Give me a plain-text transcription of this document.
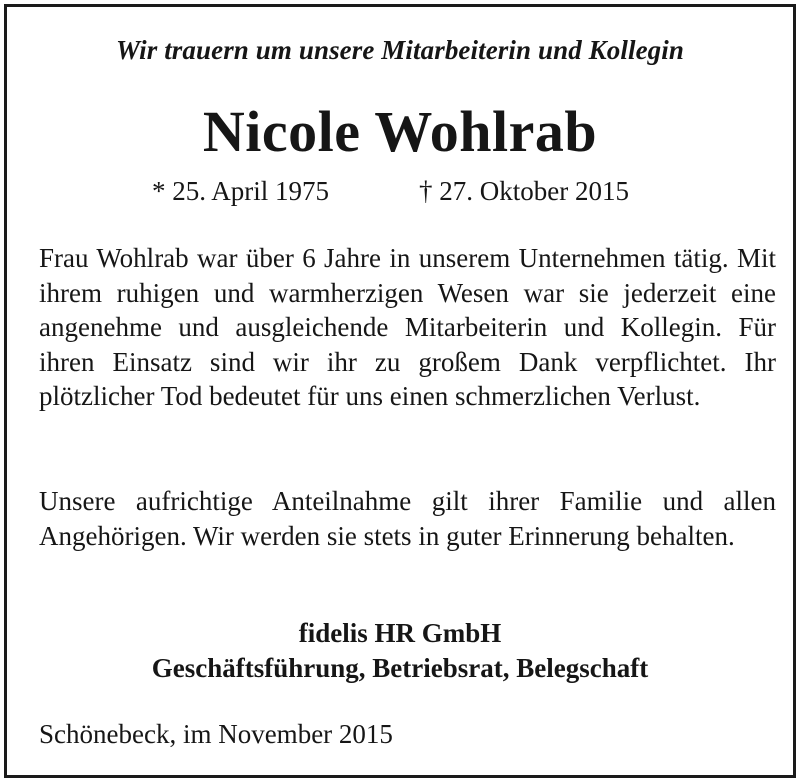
Wir trauern um unsere Mitarbeiterin und Kollegin
Nicole Wohlrab
* 25. April 1975	† 27. Oktober 2015

Frau Wohlrab war über 6 Jahre in unserem Unternehmen tätig. Mit ihrem ruhigen und warmherzigen Wesen war sie jederzeit eine angenehme und ausgleichende Mitarbeiterin und Kollegin. Für ihren Einsatz sind wir ihr zu großem Dank verpflichtet. Ihr plötzlicher Tod bedeutet für uns einen schmerzlichen Verlust.

Unsere aufrichtige Anteilnahme gilt ihrer Familie und allen Angehörigen. Wir werden sie stets in guter Erinnerung behalten.

fidelis HR GmbH
Geschäftsführung, Betriebsrat, Belegschaft
Schönebeck, im November 2015
